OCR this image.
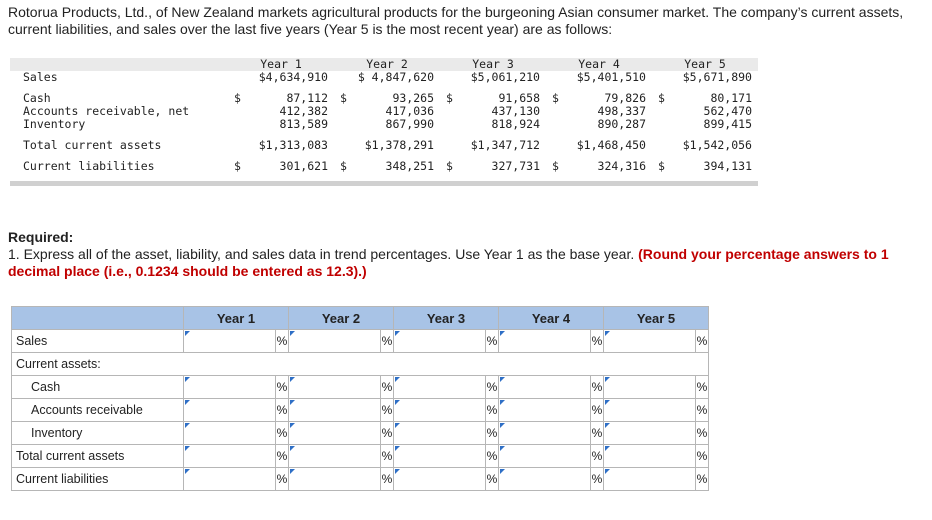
Rotorua Products, Ltd., of New Zealand markets agricultural products for the burgeoning Asian consumer market. The company’s current assets, current liabilities, and sales over the last five years (Year 5 is the most recent year) are as follows:

	Year 1	Year 2	Year 3	Year 4	Year 5
Sales	$4,634,910	$ 4,847,620	$5,061,210	$5,401,510	$5,671,890

Cash	$ 87,112	$ 93,265	$ 91,658	$ 79,826	$ 80,171

Accounts receivable, net	412,382	417,036	437,130	498,337	562,470
Inventory	813,589	867,990	818,924	890,287	899,415

Total current assets	$1,313,083	$1,378,291	$1,347,712	$1,468,450	$1,542,056

Current liabilities	$ 301,621	$ 348,251	$ 327,731	$ 324,316	$ 394,131

Required:
1. Express all of the asset, liability, and sales data in trend percentages. Use Year 1 as the base year. (Round your percentage answers to 1 decimal place (i.e., 0.1234 should be entered as 12.3).)
	Year 1		Year 2		Year 3		Year 4		Year 5	
Sales		%		%		%		%		%
Current assets:										
Cash		%		%		%		%		%
Accounts receivable		%		%		%		%		%
Inventory		%		%		%		%		%
Total current assets		%		%		%		%		%
Current liabilities		%		%		%		%		%
